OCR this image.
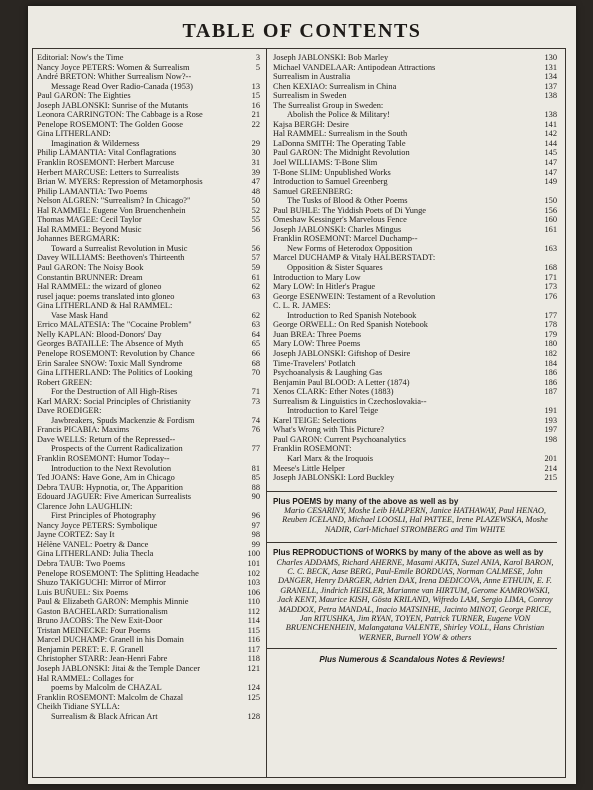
TABLE OF CONTENTS
Editorial: Now's the Time	3
Nancy Joyce PETERS: Women & Surrealism	5
André BRETON: Whither Surrealism Now?--
Message Read Over Radio-Canada (1953)	13
Paul GARON: The Eighties	15
Joseph JABLONSKI: Sunrise of the Mutants	16
Leonora CARRINGTON: The Cabbage is a Rose	21
Penelope ROSEMONT: The Golden Goose	22
Gina LITHERLAND:
Imagination & Wilderness	29
Philip LAMANTIA: Vital Conflagrations	30
Franklin ROSEMONT: Herbert Marcuse	31
Herbert MARCUSE: Letters to Surrealists	39
Brian W. MYERS: Repression of Metamorphosis	47
Philip LAMANTIA: Two Poems	48
Nelson ALGREN: "Surrealism? In Chicago?"	50
Hal RAMMEL: Eugene Von Bruenchenhein	52
Thomas MAGEE: Cecil Taylor	55
Hal RAMMEL: Beyond Music	56
Johannes BERGMARK:
Toward a Surrealist Revolution in Music	56
Davey WILLIAMS: Beethoven's Thirteenth	57
Paul GARON: The Noisy Book	59
Constantin BRUNNER: Dream	61
Hal RAMMEL: the wizard of gloneo	62
rusel jaque: poems translated into gloneo	63
Gina LITHERLAND & Hal RAMMEL:
Vase Mask Hand	62
Errico MALATESIA: The "Cocaine Problem"	63
Nelly KAPLAN: Blood-Donors' Day	64
Georges BATAILLE: The Absence of Myth	65
Penelope ROSEMONT: Revolution by Chance	66
Erin Saralee SNOW: Toxic Mall Syndrome	68
Gina LITHERLAND: The Politics of Looking	70
Robert GREEN:
For the Destruction of All High-Rises	71
Karl MARX: Social Principles of Christianity	73
Dave ROEDIGER:
Jawbreakers, Spuds Mackenzie & Fordism	74
Francis PICABIA: Maxims	76
Dave WELLS: Return of the Repressed--
Prospects of the Current Radicalization	77
Franklin ROSEMONT: Humor Today--
Introduction to the Next Revolution	81
Ted JOANS: Have Gone, Am in Chicago	85
Debra TAUB: Hypnotia, or, The Apparition	88
Edouard JAGUER: Five American Surrealists	90
Clarence John LAUGHLIN:
First Principles of Photography	96
Nancy Joyce PETERS: Symbolique	97
Jayne CORTEZ: Say It	98
Hélène VANEL: Poetry & Dance	99
Gina LITHERLAND: Julia Thecla	100
Debra TAUB: Two Poems	101
Penelope ROSEMONT: The Splitting Headache	102
Shuzo TAKIGUCHI: Mirror of Mirror	103
Luis BUÑUEL: Six Poems	106
Paul & Elizabeth GARON: Memphis Minnie	110
Gaston BACHELARD: Surrationalism	112
Bruno JACOBS: The New Exit-Door	114
Tristan MEINECKE: Four Poems	115
Marcel DUCHAMP: Granell in his Domain	116
Benjamin PERET: E. F. Granell	117
Christopher STARR: Jean-Henri Fabre	118
Joseph JABLONSKI: Jitai & the Temple Dancer	121
Hal RAMMEL: Collages for
poems by Malcolm de CHAZAL	124
Franklin ROSEMONT: Malcolm de Chazal	125
Cheikh Tidiane SYLLA:
Surrealism & Black African Art	128
Joseph JABLONSKI: Bob Marley	130
Michael VANDELAAR: Antipodean Attractions	131
Surrealism in Australia	134
Chen KEXIAO: Surrealism in China	137
Surrealism in Sweden	138
The Surrealist Group in Sweden:
Abolish the Police & Military!	138
Kajsa BERGH: Desire	141
Hal RAMMEL: Surrealism in the South	142
LaDonna SMITH: The Operating Table	144
Paul GARON: The Midnight Revolution	145
Joel WILLIAMS: T-Bone Slim	147
T-Bone SLIM: Unpublished Works	147
Introduction to Samuel Greenberg	149
Samuel GREENBERG:
The Tusks of Blood & Other Poems	150
Paul BUHLE: The Yiddish Poets of Di Yunge	156
Omeshaw Kessinger's Marvelous Fence	160
Joseph JABLONSKI: Charles Mingus	161
Franklin ROSEMONT: Marcel Duchamp--
New Forms of Heterodox Opposition	163
Marcel DUCHAMP & Vitaly HALBERSTADT:
Opposition & Sister Squares	168
Introduction to Mary Low	171
Mary LOW: In Hitler's Prague	173
George ESENWEIN: Testament of a Revolution	176
C. L. R. JAMES:
Introduction to Red Spanish Notebook	177
George ORWELL: On Red Spanish Notebook	178
Juan BREA: Three Poems	179
Mary LOW: Three Poems	180
Joseph JABLONSKI: Giftshop of Desire	182
Time-Travelers' Potlatch	184
Psychoanalysis & Laughing Gas	186
Benjamin Paul BLOOD: A Letter (1874)	186
Xenos CLARK: Ether Notes (1883)	187
Surrealism & Linguistics in Czechoslovakia--
Introduction to Karel Teige	191
Karel TEIGE: Selections	193
What's Wrong with This Picture?	197
Paul GARON: Current Psychoanalytics	198
Franklin ROSEMONT:
Karl Marx & the Iroquois	201
Meese's Little Helper	214
Joseph JABLONSKI: Lord Buckley	215
Plus POEMS by many of the above as well as by
Mario CESARINY, Moshe Leib HALPERN, Janice HATHAWAY, Paul HENAO, Reuben ICELAND, Michael LOOSLI, Hal PATTEE, Irene PLAZEWSKA, Moshe NADIR, Carl-Michael STROMBERG and Tim WHITE
Plus REPRODUCTIONS of WORKS by many of the above as well as by
Charles ADDAMS, Richard AHERNE, Masami AKITA, Suzel ANIA, Karol BARON, C. C. BECK, Aase BERG, Paul-Emile BORDUAS, Norman CALMESE, John DANGER, Henry DARGER, Adrien DAX, Irena DEDICOVA, Anne ETHUIN, E. F. GRANELL, Jindrich HEISLER, Marianne van HIRTUM, Gerome KAMROWSKI, Jack KENT, Maurice KISH, Gösta KRILAND, Wifredo LAM, Sergio LIMA, Conroy MADDOX, Petra MANDAL, Inacio MATSINHE, Jacinto MINOT, George PRICE, Jan RITUSHKA, Jim RYAN, TOYEN, Patrick TURNER, Eugene VON BRUENCHENHEIN, Malangatana VALENTE, Shirley VOLL, Hans Christian WERNER, Burnell YOW & others
Plus Numerous & Scandalous Notes & Reviews!
